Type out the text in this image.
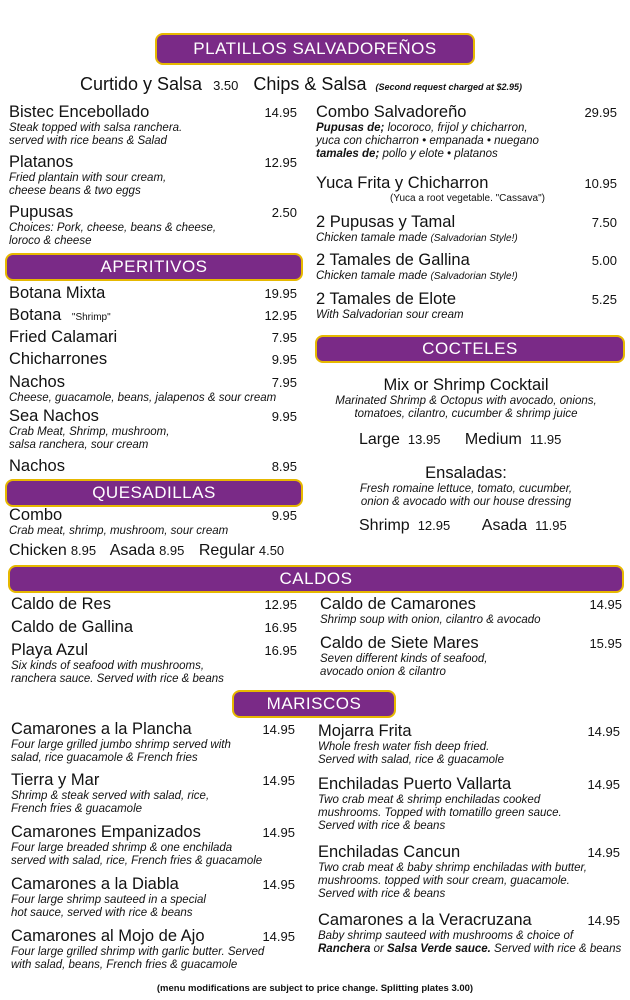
PLATILLOS SALVADOREÑOS
Curtido y Salsa 3.50 Chips & Salsa (Second request charged at $2.95)
Bistec Encebollado	14.95
Steak topped with salsa ranchera.
served with rice beans & Salad
Platanos	12.95
Fried plantain with sour cream,
cheese beans & two eggs
Pupusas	2.50
Choices: Pork, cheese, beans & cheese,
loroco & cheese
Combo Salvadoreño	29.95
Pupusas de; locoroco, frijol y chicharron,
yuca con chicharron • empanada • nuegano
tamales de; pollo y elote • platanos
Yuca Frita y Chicharron	10.95
(Yuca a root vegetable. "Cassava")
2 Pupusas y Tamal	7.50
Chicken tamale made (Salvadorian Style!)
2 Tamales de Gallina	5.00
Chicken tamale made (Salvadorian Style!)
2 Tamales de Elote	5.25
With Salvadorian sour cream
APERITIVOS
Botana Mixta	19.95
Botana "Shrimp"	12.95
Fried Calamari	7.95
Chicharrones	9.95
Nachos	7.95
Cheese, guacamole, beans, jalapenos & sour cream
Sea Nachos	9.95
Crab Meat, Shrimp, mushroom,
salsa ranchera, sour cream
Nachos	8.95
QUESADILLAS
Combo	9.95
Crab meat, shrimp, mushroom, sour cream
Chicken 8.95 Asada 8.95 Regular 4.50
COCTELES
Mix or Shrimp Cocktail
Marinated Shrimp & Octopus with avocado, onions,
tomatoes, cilantro, cucumber & shrimp juice
Large 13.95 Medium 11.95
Ensaladas:
Fresh romaine lettuce, tomato, cucumber,
onion & avocado with our house dressing
Shrimp 12.95 Asada 11.95
CALDOS
Caldo de Res	12.95
Caldo de Gallina	16.95
Playa Azul	16.95
Six kinds of seafood with mushrooms,
ranchera sauce. Served with rice & beans
Caldo de Camarones	14.95
Shrimp soup with onion, cilantro & avocado
Caldo de Siete Mares	15.95
Seven different kinds of seafood,
avocado onion & cilantro
MARISCOS
Camarones a la Plancha	14.95
Four large grilled jumbo shrimp served with
salad, rice guacamole & French fries
Tierra y Mar	14.95
Shrimp & steak served with salad, rice,
French fries & guacamole
Camarones Empanizados	14.95
Four large breaded shrimp & one enchilada
served with salad, rice, French fries & guacamole
Camarones a la Diabla	14.95
Four large shrimp sauteed in a special
hot sauce, served with rice & beans
Camarones al Mojo de Ajo	14.95
Four large grilled shrimp with garlic butter. Served
with salad, beans, French fries & guacamole
Mojarra Frita	14.95
Whole fresh water fish deep fried.
Served with salad, rice & guacamole
Enchiladas Puerto Vallarta	14.95
Two crab meat & shrimp enchiladas cooked
mushrooms. Topped with tomatillo green sauce.
Served with rice & beans
Enchiladas Cancun	14.95
Two crab meat & baby shrimp enchiladas with butter,
mushrooms. topped with sour cream, guacamole.
Served with rice & beans
Camarones a la Veracruzana	14.95
Baby shrimp sauteed with mushrooms & choice of
Ranchera or Salsa Verde sauce. Served with rice & beans
(menu modifications are subject to price change. Splitting plates 3.00)
